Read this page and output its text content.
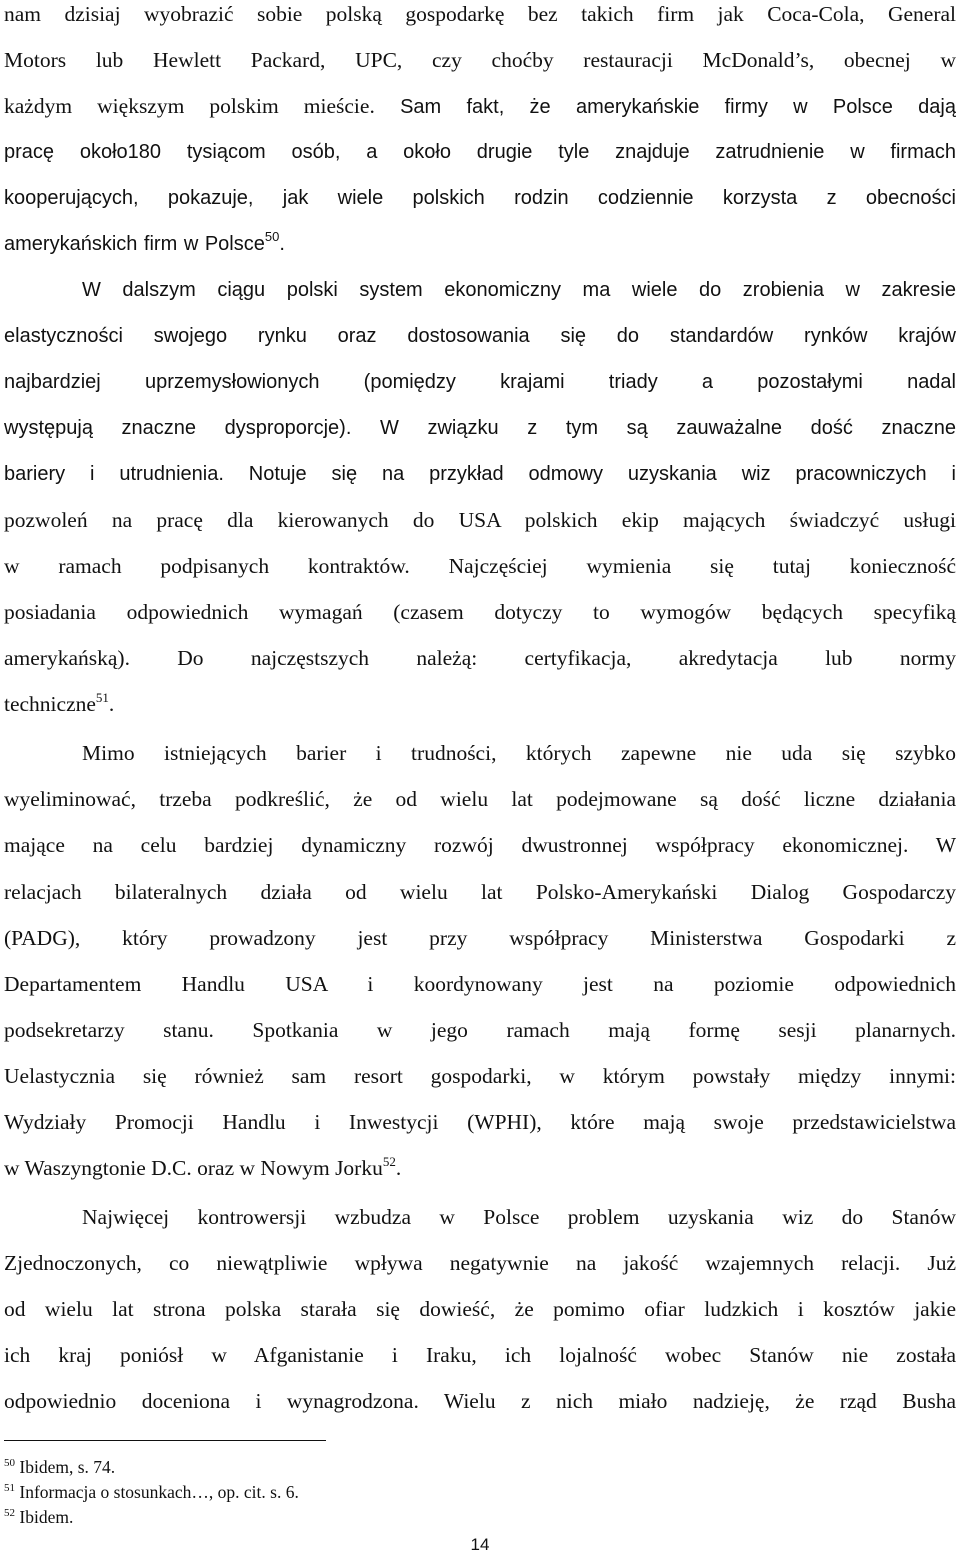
nam dzisiaj wyobrazić sobie polską gospodarkę bez takich firm jak Coca-Cola, General
Motors lub Hewlett Packard, UPC, czy choćby restauracji McDonald’s, obecnej w
każdym większym polskim mieście. Sam fakt, że amerykańskie firmy w Polsce dają
pracę około180 tysiącom osób, a około drugie tyle znajduje zatrudnienie w firmach
kooperujących, pokazuje, jak wiele polskich rodzin codziennie korzysta z obecności
amerykańskich firm w Polsce$^{50}$.
W dalszym ciągu polski system ekonomiczny ma wiele do zrobienia w zakresie
elastyczności swojego rynku oraz dostosowania się do standardów rynków krajów
najbardziej uprzemysłowionych (pomiędzy krajami triady a pozostałymi nadal
występują znaczne dysproporcje). W związku z tym są zauważalne dość znaczne
bariery i utrudnienia. Notuje się na przykład odmowy uzyskania wiz pracowniczych i
pozwoleń na pracę dla kierowanych do USA polskich ekip mających świadczyć usługi
w ramach podpisanych kontraktów. Najczęściej wymienia się tutaj konieczność
posiadania odpowiednich wymagań (czasem dotyczy to wymogów będących specyfiką
amerykańską). Do najczęstszych należą: certyfikacja, akredytacja lub normy
techniczne$^{51}$.
Mimo istniejących barier i trudności, których zapewne nie uda się szybko
wyeliminować, trzeba podkreślić, że od wielu lat podejmowane są dość liczne działania
mające na celu bardziej dynamiczny rozwój dwustronnej współpracy ekonomicznej. W
relacjach bilateralnych działa od wielu lat Polsko-Amerykański Dialog Gospodarczy
(PADG), który prowadzony jest przy współpracy Ministerstwa Gospodarki z
Departamentem Handlu USA i koordynowany jest na poziomie odpowiednich
podsekretarzy stanu. Spotkania w jego ramach mają formę sesji planarnych.
Uelastycznia się również sam resort gospodarki, w którym powstały między innymi:
Wydziały Promocji Handlu i Inwestycji (WPHI), które mają swoje przedstawicielstwa
w Waszyngtonie D.C. oraz w Nowym Jorku$^{52}$.
Najwięcej kontrowersji wzbudza w Polsce problem uzyskania wiz do Stanów
Zjednoczonych, co niewątpliwie wpływa negatywnie na jakość wzajemnych relacji. Już
od wielu lat strona polska starała się dowieść, że pomimo ofiar ludzkich i kosztów jakie
ich kraj poniósł w Afganistanie i Iraku, ich lojalność wobec Stanów nie została
odpowiednio doceniona i wynagrodzona. Wielu z nich miało nadzieję, że rząd Busha
$^{50}$ Ibidem, s. 74.
$^{51}$ Informacja o stosunkach…, op. cit. s. 6.
$^{52}$ Ibidem.
14
